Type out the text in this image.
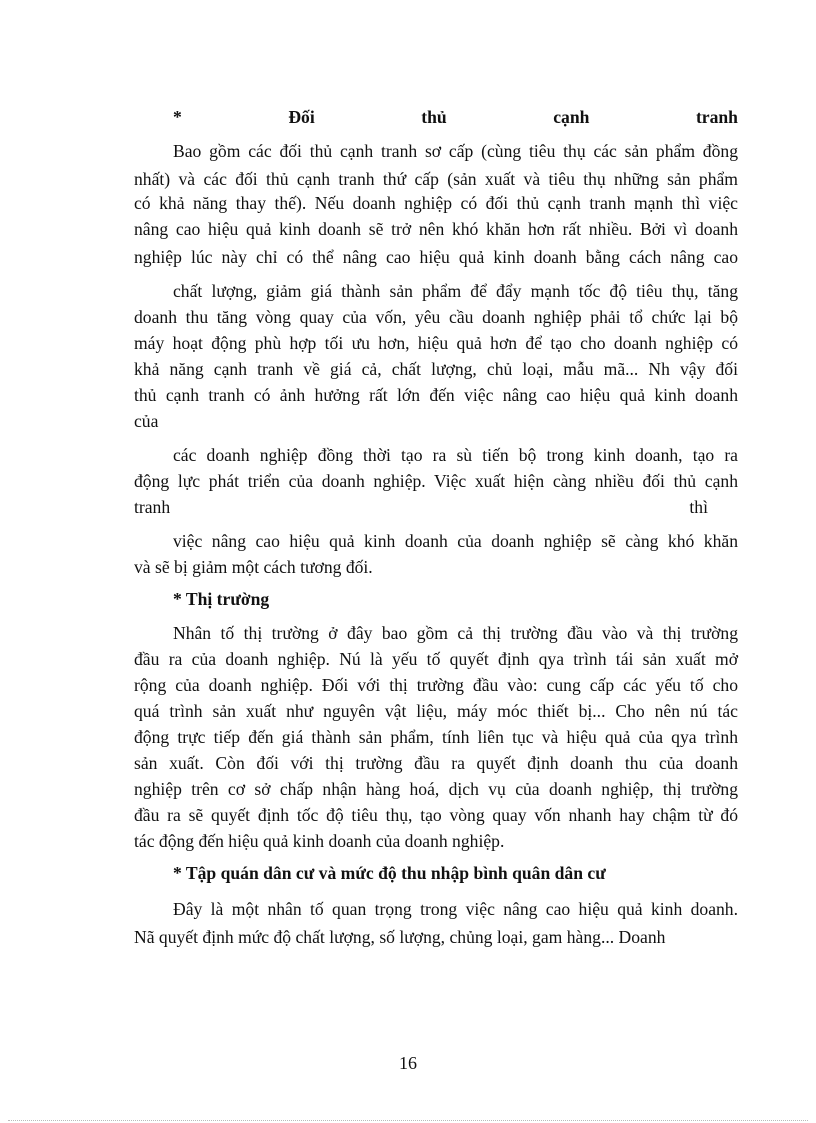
*	Đối	thủ	cạnh	tranh
Bao gồm các đối thủ cạnh tranh sơ cấp (cùng tiêu thụ các sản phẩm đồng
nhất) và các đối thủ cạnh tranh thứ cấp (sản xuất và tiêu thụ những sản phẩm
có khả năng thay thế). Nếu doanh nghiệp có đối thủ cạnh tranh mạnh thì việc
nâng cao hiệu quả kinh doanh sẽ trở nên khó khăn hơn rất nhiều. Bởi vì doanh
nghiệp lúc này chỉ có thể nâng cao hiệu quả kinh doanh bằng cách nâng cao
chất lượng, giảm giá thành sản phẩm để đẩy mạnh tốc độ tiêu thụ, tăng
doanh thu tăng vòng quay của vốn, yêu cầu doanh nghiệp phải tổ chức lại bộ
máy hoạt động phù hợp tối ưu hơn, hiệu quả hơn để tạo cho doanh nghiệp có
khả năng cạnh tranh về giá cả, chất lượng, chủ loại, mẫu mã... Nh vậy đối
thủ cạnh tranh có ảnh hưởng rất lớn đến việc nâng cao hiệu quả kinh doanh
của
các doanh nghiệp đồng thời tạo ra sù tiến bộ trong kinh doanh, tạo ra
động lực phát triển của doanh nghiệp. Việc xuất hiện càng nhiều đối thủ cạnh
tranh	thì
việc nâng cao hiệu quả kinh doanh của doanh nghiệp sẽ càng khó khăn
và sẽ bị giảm một cách tương đối.
* Thị trường
Nhân tố thị trường ở đây bao gồm cả thị trường đầu vào và thị trường
đầu ra của doanh nghiệp. Nú là yếu tố quyết định qya trình tái sản xuất mở
rộng của doanh nghiệp. Đối với thị trường đầu vào: cung cấp các yếu tố cho
quá trình sản xuất như nguyên vật liệu, máy móc thiết bị... Cho nên nú tác
động trực tiếp đến giá thành sản phẩm, tính liên tục và hiệu quả của qya trình
sản xuất. Còn đối với thị trường đầu ra quyết định doanh thu của doanh
nghiệp trên cơ sở chấp nhận hàng hoá, dịch vụ của doanh nghiệp, thị trường
đầu ra sẽ quyết định tốc độ tiêu thụ, tạo vòng quay vốn nhanh hay chậm từ đó
tác động đến hiệu quả kinh doanh của doanh nghiệp.
* Tập quán dân cư và mức độ thu nhập bình quân dân cư
Đây là một nhân tố quan trọng trong việc nâng cao hiệu quả kinh doanh.
Nã quyết định mức độ chất lượng, số lượng, chủng loại, gam hàng... Doanh
16
